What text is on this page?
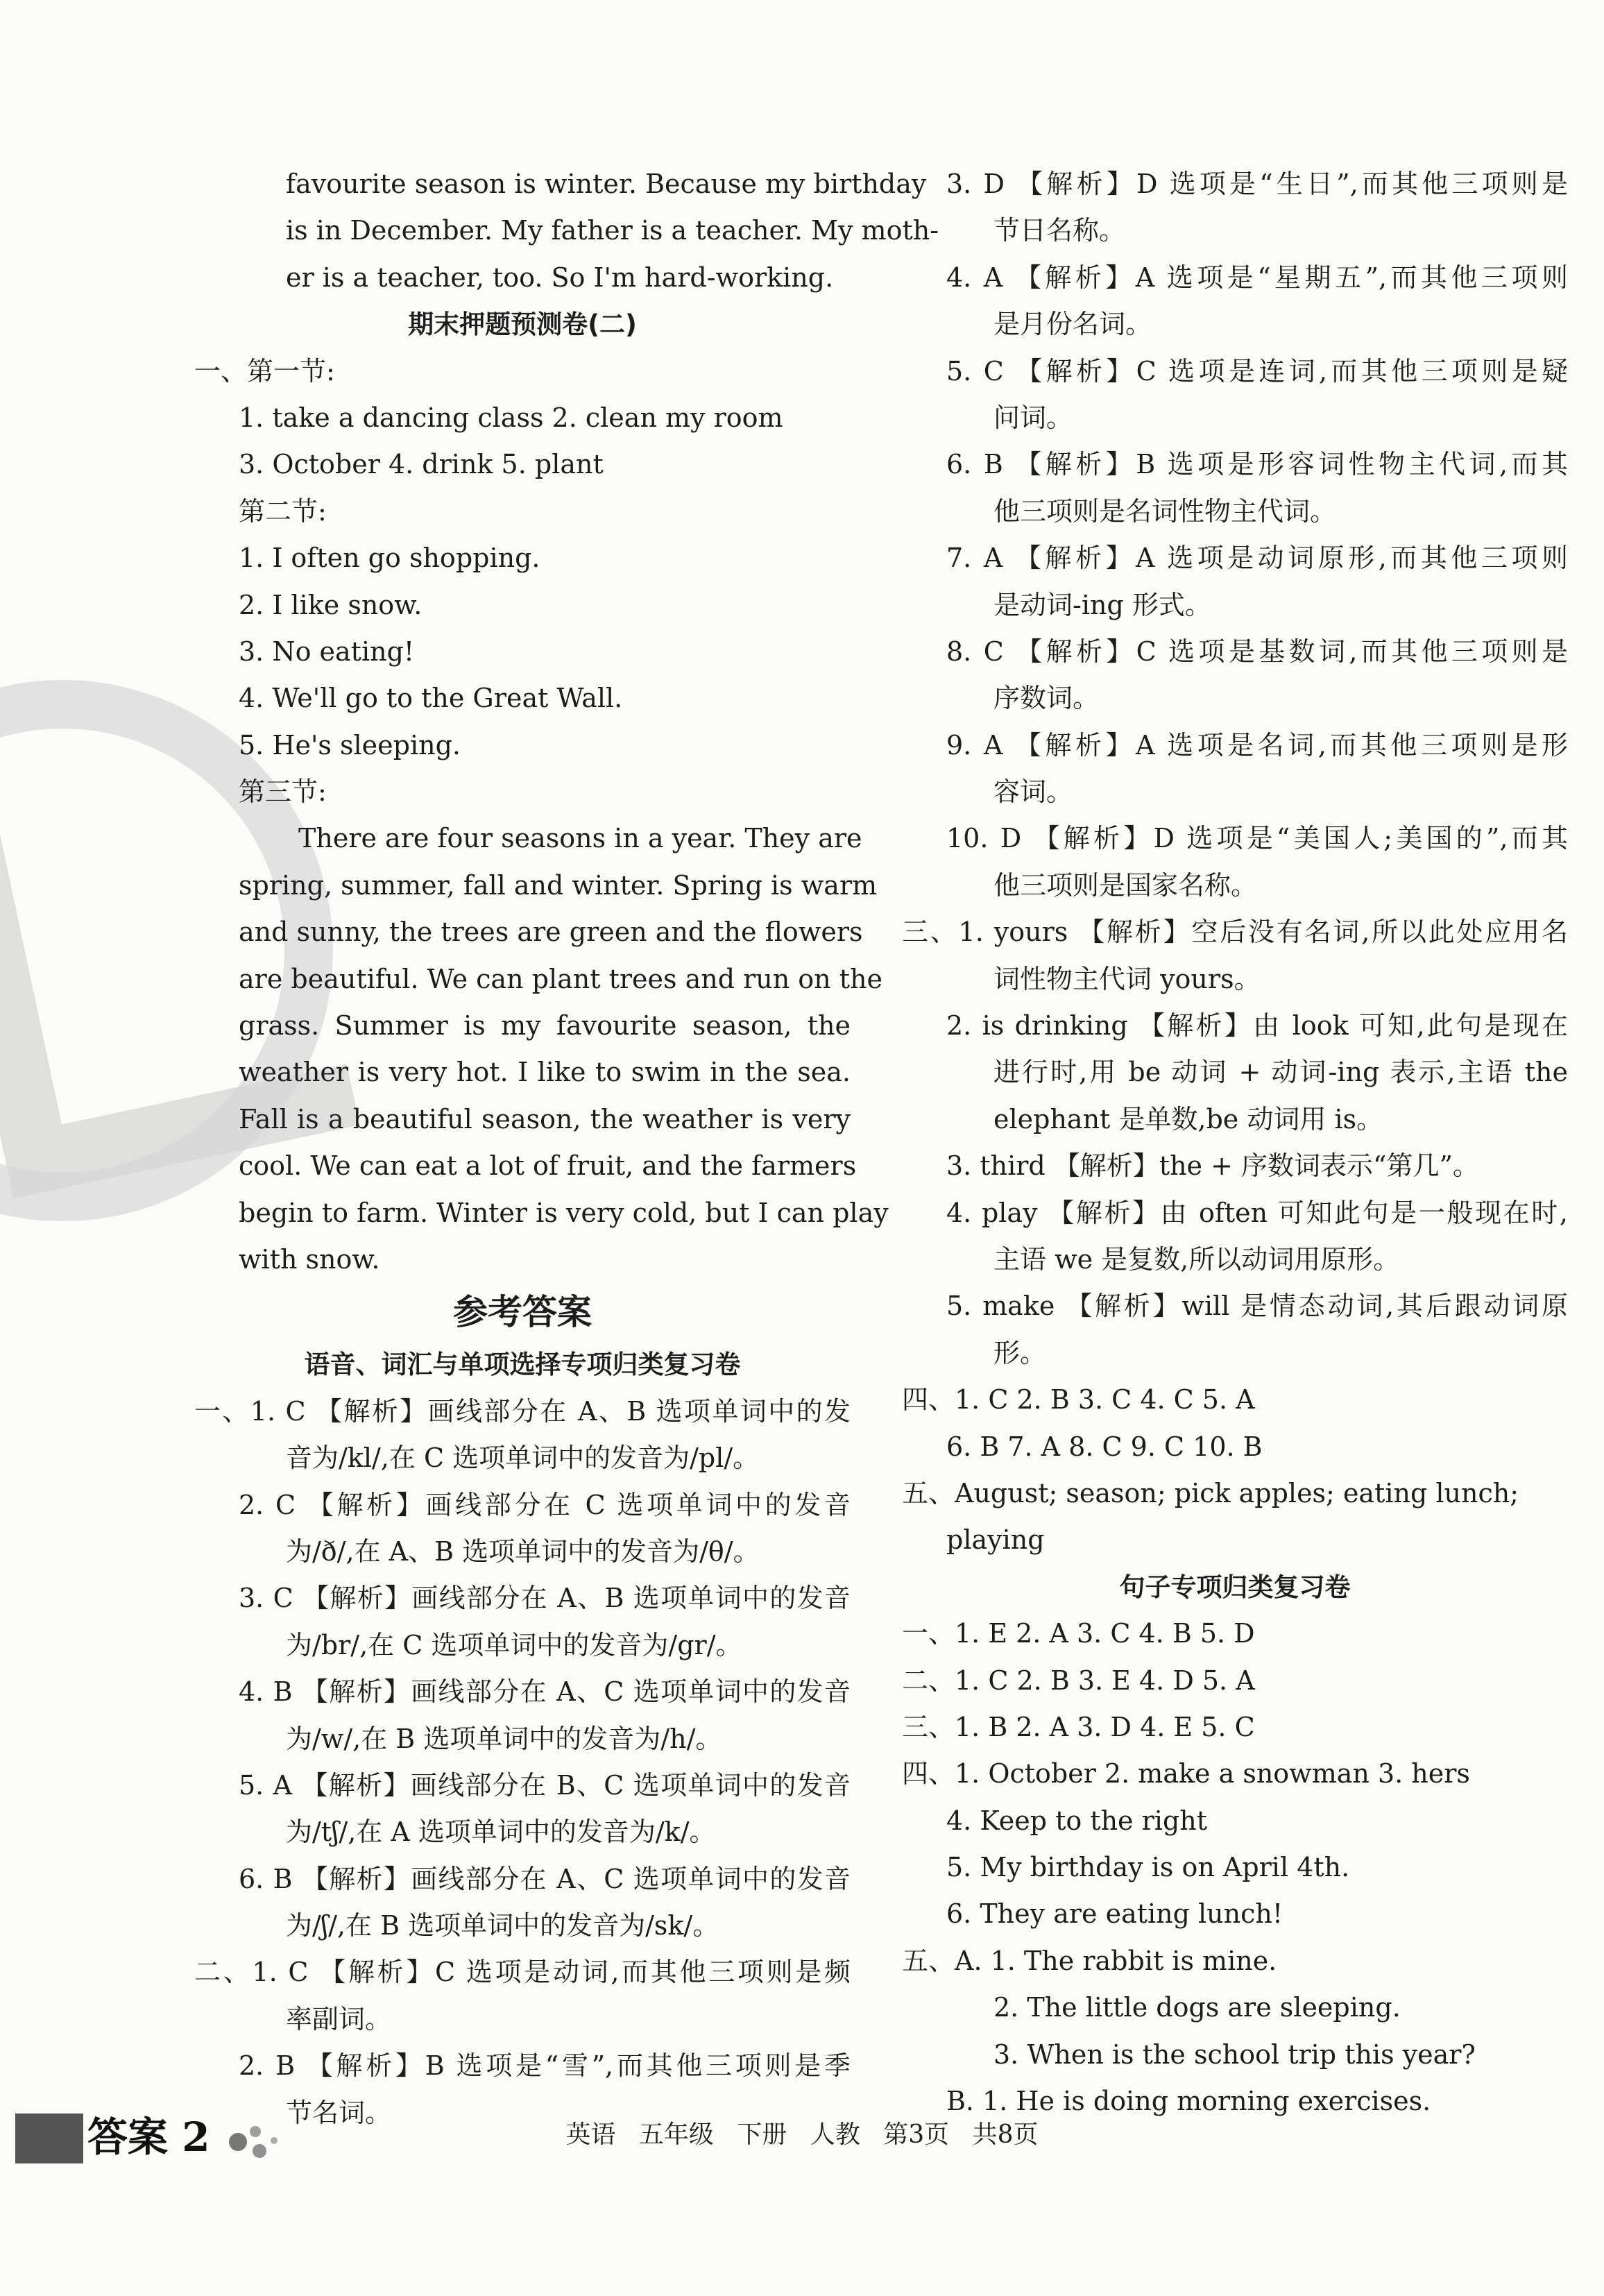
favourite season is winter. Because my birthday
is in December. My father is a teacher. My moth-
er is a teacher, too. So I'm hard-working.
期末押题预测卷(二)
一、第一节:
1. take a dancing class 2. clean my room
3. October 4. drink 5. plant
第二节:
1. I often go shopping.
2. I like snow.
3. No eating!
4. We'll go to the Great Wall.
5. He's sleeping.
第三节:
There are four seasons in a year. They are
spring, summer, fall and winter. Spring is warm
and sunny, the trees are green and the flowers
are beautiful. We can plant trees and run on the
grass. Summer is my favourite season, the
weather is very hot. I like to swim in the sea.
Fall is a beautiful season, the weather is very
cool. We can eat a lot of fruit, and the farmers
begin to farm. Winter is very cold, but I can play
with snow.
参考答案
语音、词汇与单项选择专项归类复习卷
一、1. C 【解析】画线部分在 A、B 选项单词中的发
音为/kl/,在 C 选项单词中的发音为/pl/。
2. C 【解析】画线部分在 C 选项单词中的发音
为/ð/,在 A、B 选项单词中的发音为/θ/。
3. C 【解析】画线部分在 A、B 选项单词中的发音
为/br/,在 C 选项单词中的发音为/gr/。
4. B 【解析】画线部分在 A、C 选项单词中的发音
为/w/,在 B 选项单词中的发音为/h/。
5. A 【解析】画线部分在 B、C 选项单词中的发音
为/tʃ/,在 A 选项单词中的发音为/k/。
6. B 【解析】画线部分在 A、C 选项单词中的发音
为/ʃ/,在 B 选项单词中的发音为/sk/。
二、1. C 【解析】C 选项是动词,而其他三项则是频
率副词。
2. B 【解析】B 选项是“雪”,而其他三项则是季
节名词。
3. D 【解析】D 选项是“生日”,而其他三项则是
节日名称。
4. A 【解析】A 选项是“星期五”,而其他三项则
是月份名词。
5. C 【解析】C 选项是连词,而其他三项则是疑
问词。
6. B 【解析】B 选项是形容词性物主代词,而其
他三项则是名词性物主代词。
7. A 【解析】A 选项是动词原形,而其他三项则
是动词-ing 形式。
8. C 【解析】C 选项是基数词,而其他三项则是
序数词。
9. A 【解析】A 选项是名词,而其他三项则是形
容词。
10. D 【解析】D 选项是“美国人;美国的”,而其
他三项则是国家名称。
三、1. yours 【解析】空后没有名词,所以此处应用名
词性物主代词 yours。
2. is drinking 【解析】由 look 可知,此句是现在
进行时,用 be 动词 + 动词-ing 表示,主语 the
elephant 是单数,be 动词用 is。
3. third 【解析】the + 序数词表示“第几”。
4. play 【解析】由 often 可知此句是一般现在时,
主语 we 是复数,所以动词用原形。
5. make 【解析】will 是情态动词,其后跟动词原
形。
四、1. C 2. B 3. C 4. C 5. A
6. B 7. A 8. C 9. C 10. B
五、August; season; pick apples; eating lunch;
playing
句子专项归类复习卷
一、1. E 2. A 3. C 4. B 5. D
二、1. C 2. B 3. E 4. D 5. A
三、1. B 2. A 3. D 4. E 5. C
四、1. October 2. make a snowman 3. hers
4. Keep to the right
5. My birthday is on April 4th.
6. They are eating lunch!
五、A. 1. The rabbit is mine.
2. The little dogs are sleeping.
3. When is the school trip this year?
B. 1. He is doing morning exercises.
答案 2	英语 五年级 下册 人教 第3页 共8页
